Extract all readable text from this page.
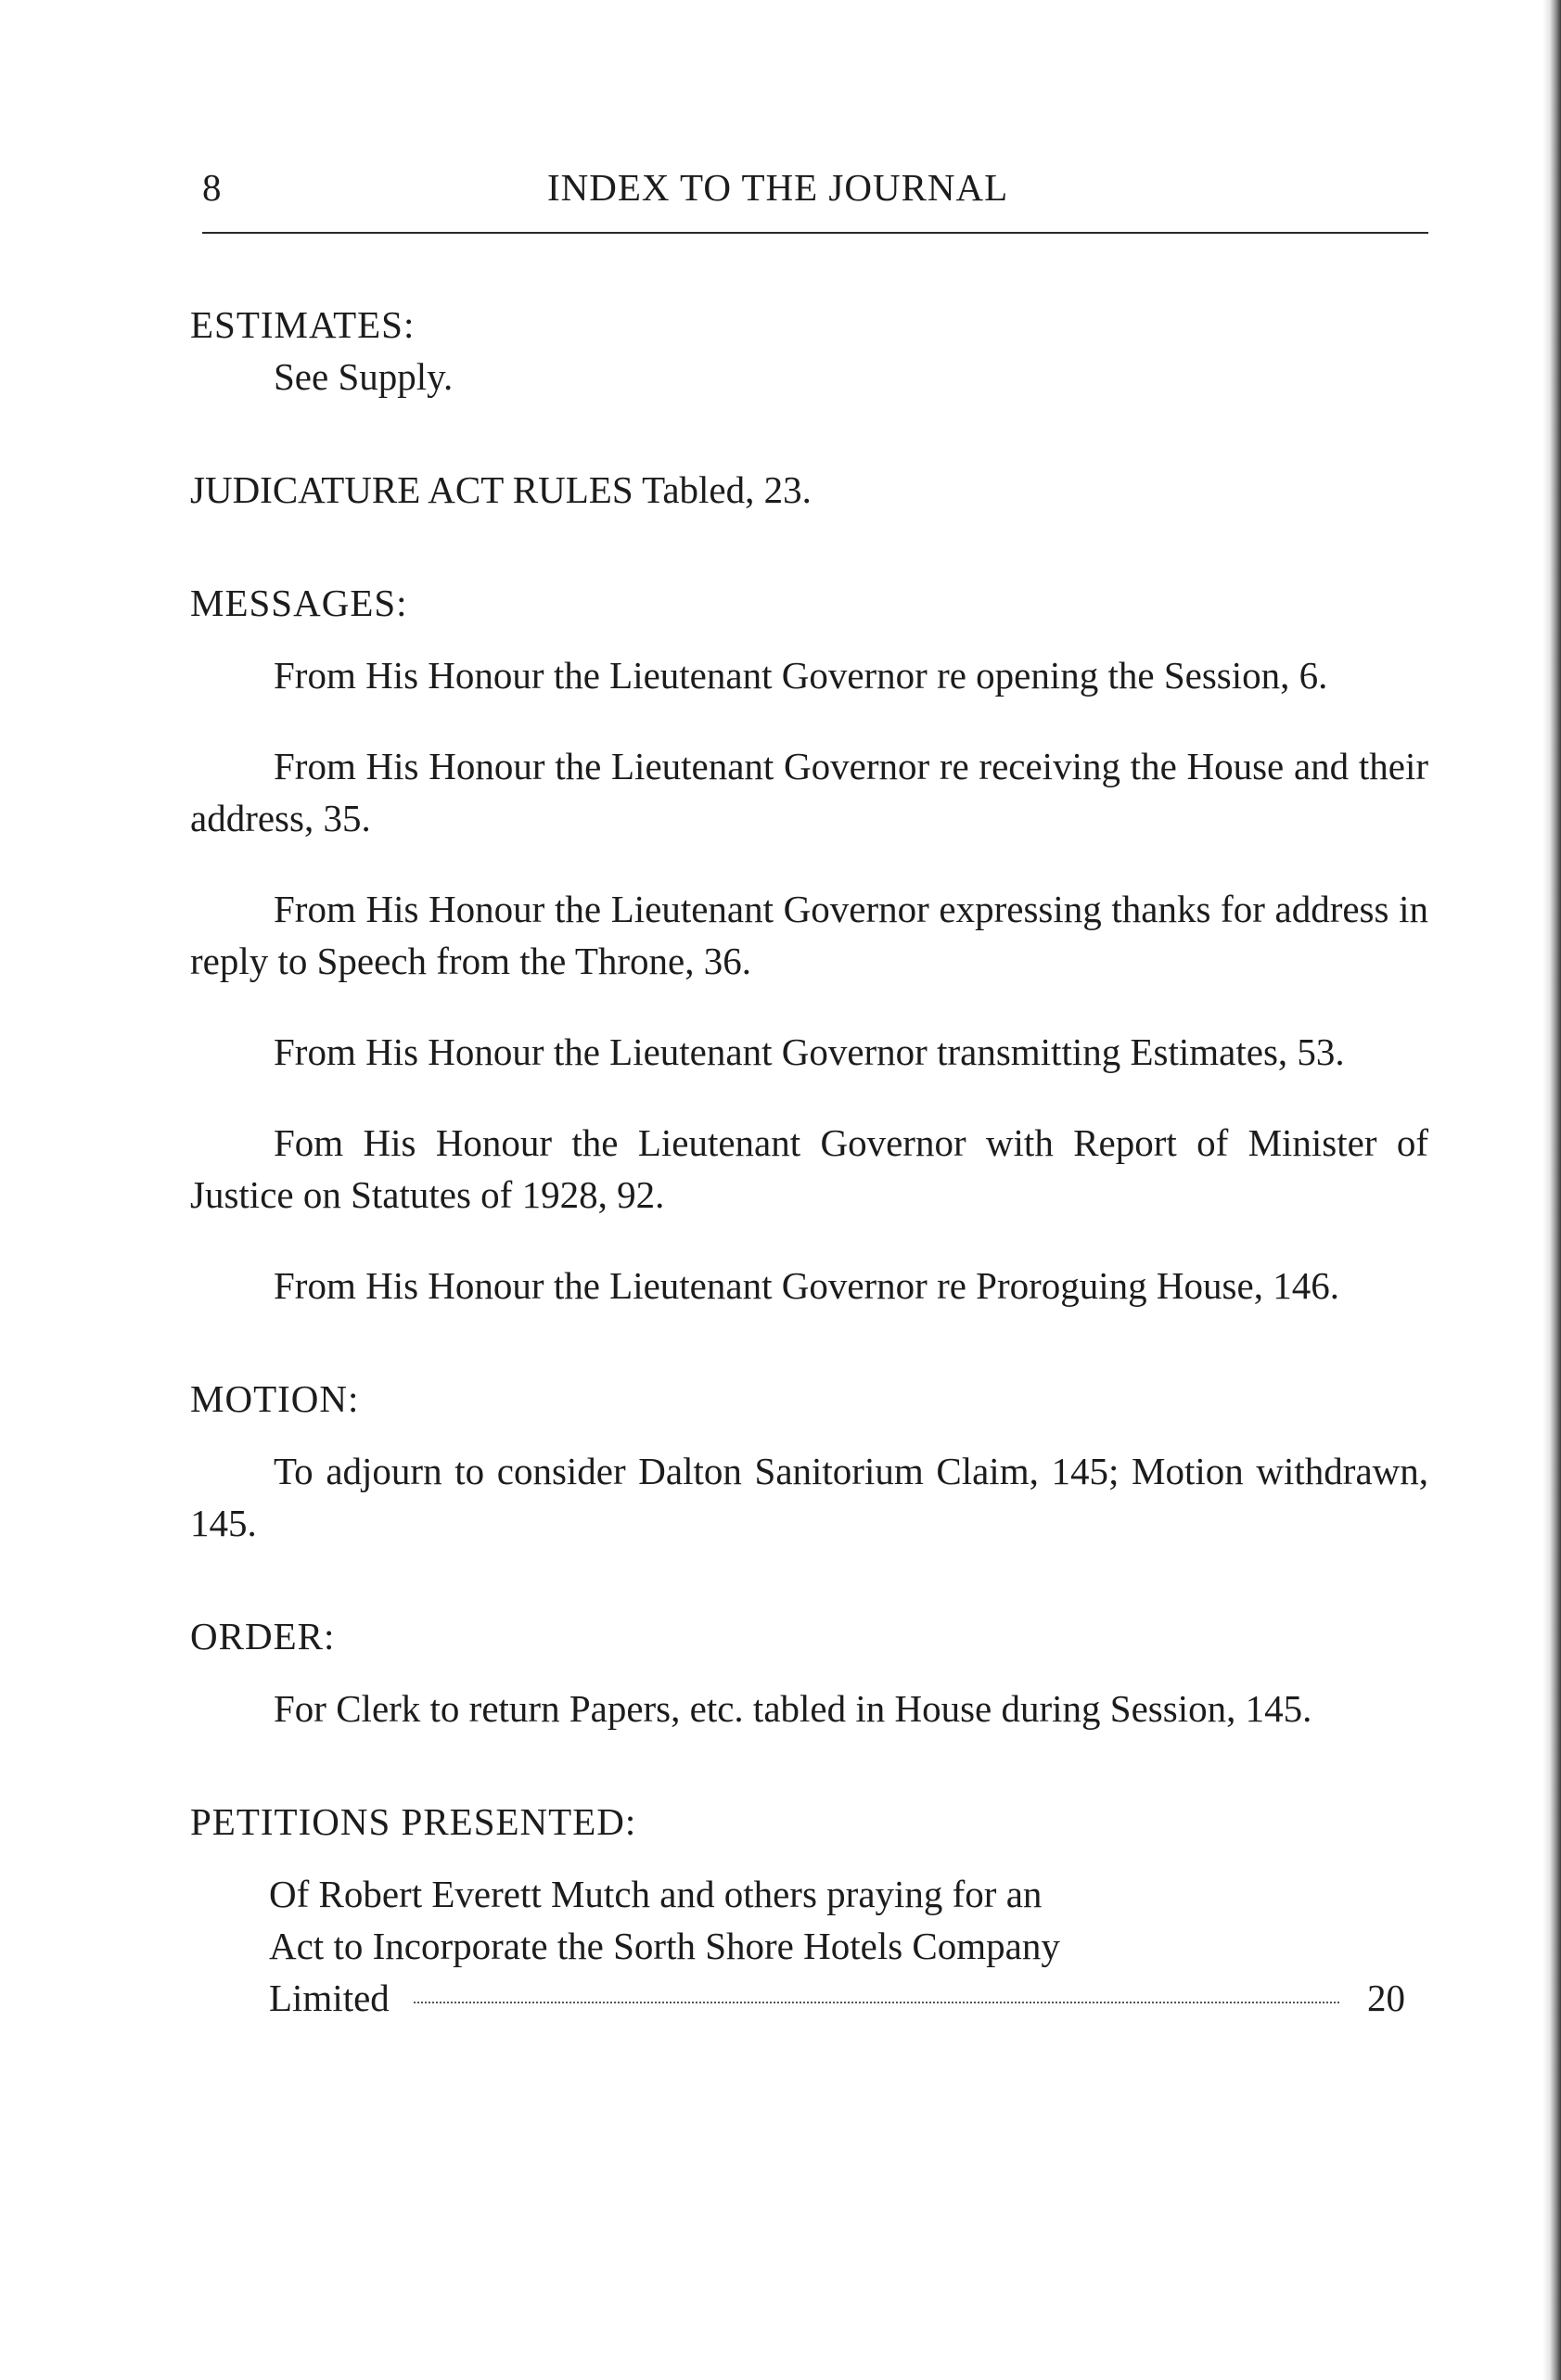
8	INDEX TO THE JOURNAL

ESTIMATES:

See Supply.

JUDICATURE ACT RULES Tabled, 23.

MESSAGES:

From His Honour the Lieutenant Governor re opening the Session, 6.

From His Honour the Lieutenant Governor re receiving the House and their address, 35.

From His Honour the Lieutenant Governor expressing thanks for address in reply to Speech from the Throne, 36.

From His Honour the Lieutenant Governor transmitting Estimates, 53.

Fom His Honour the Lieutenant Governor with Report of Minister of Justice on Statutes of 1928, 92.

From His Honour the Lieutenant Governor re Proroguing House, 146.

MOTION:

To adjourn to consider Dalton Sanitorium Claim, 145; Motion withdrawn, 145.

ORDER:

For Clerk to return Papers, etc. tabled in House during Session, 145.

PETITIONS PRESENTED:

Of Robert Everett Mutch and others praying for an

Act to Incorporate the Sorth Shore Hotels Company

Limited	20
